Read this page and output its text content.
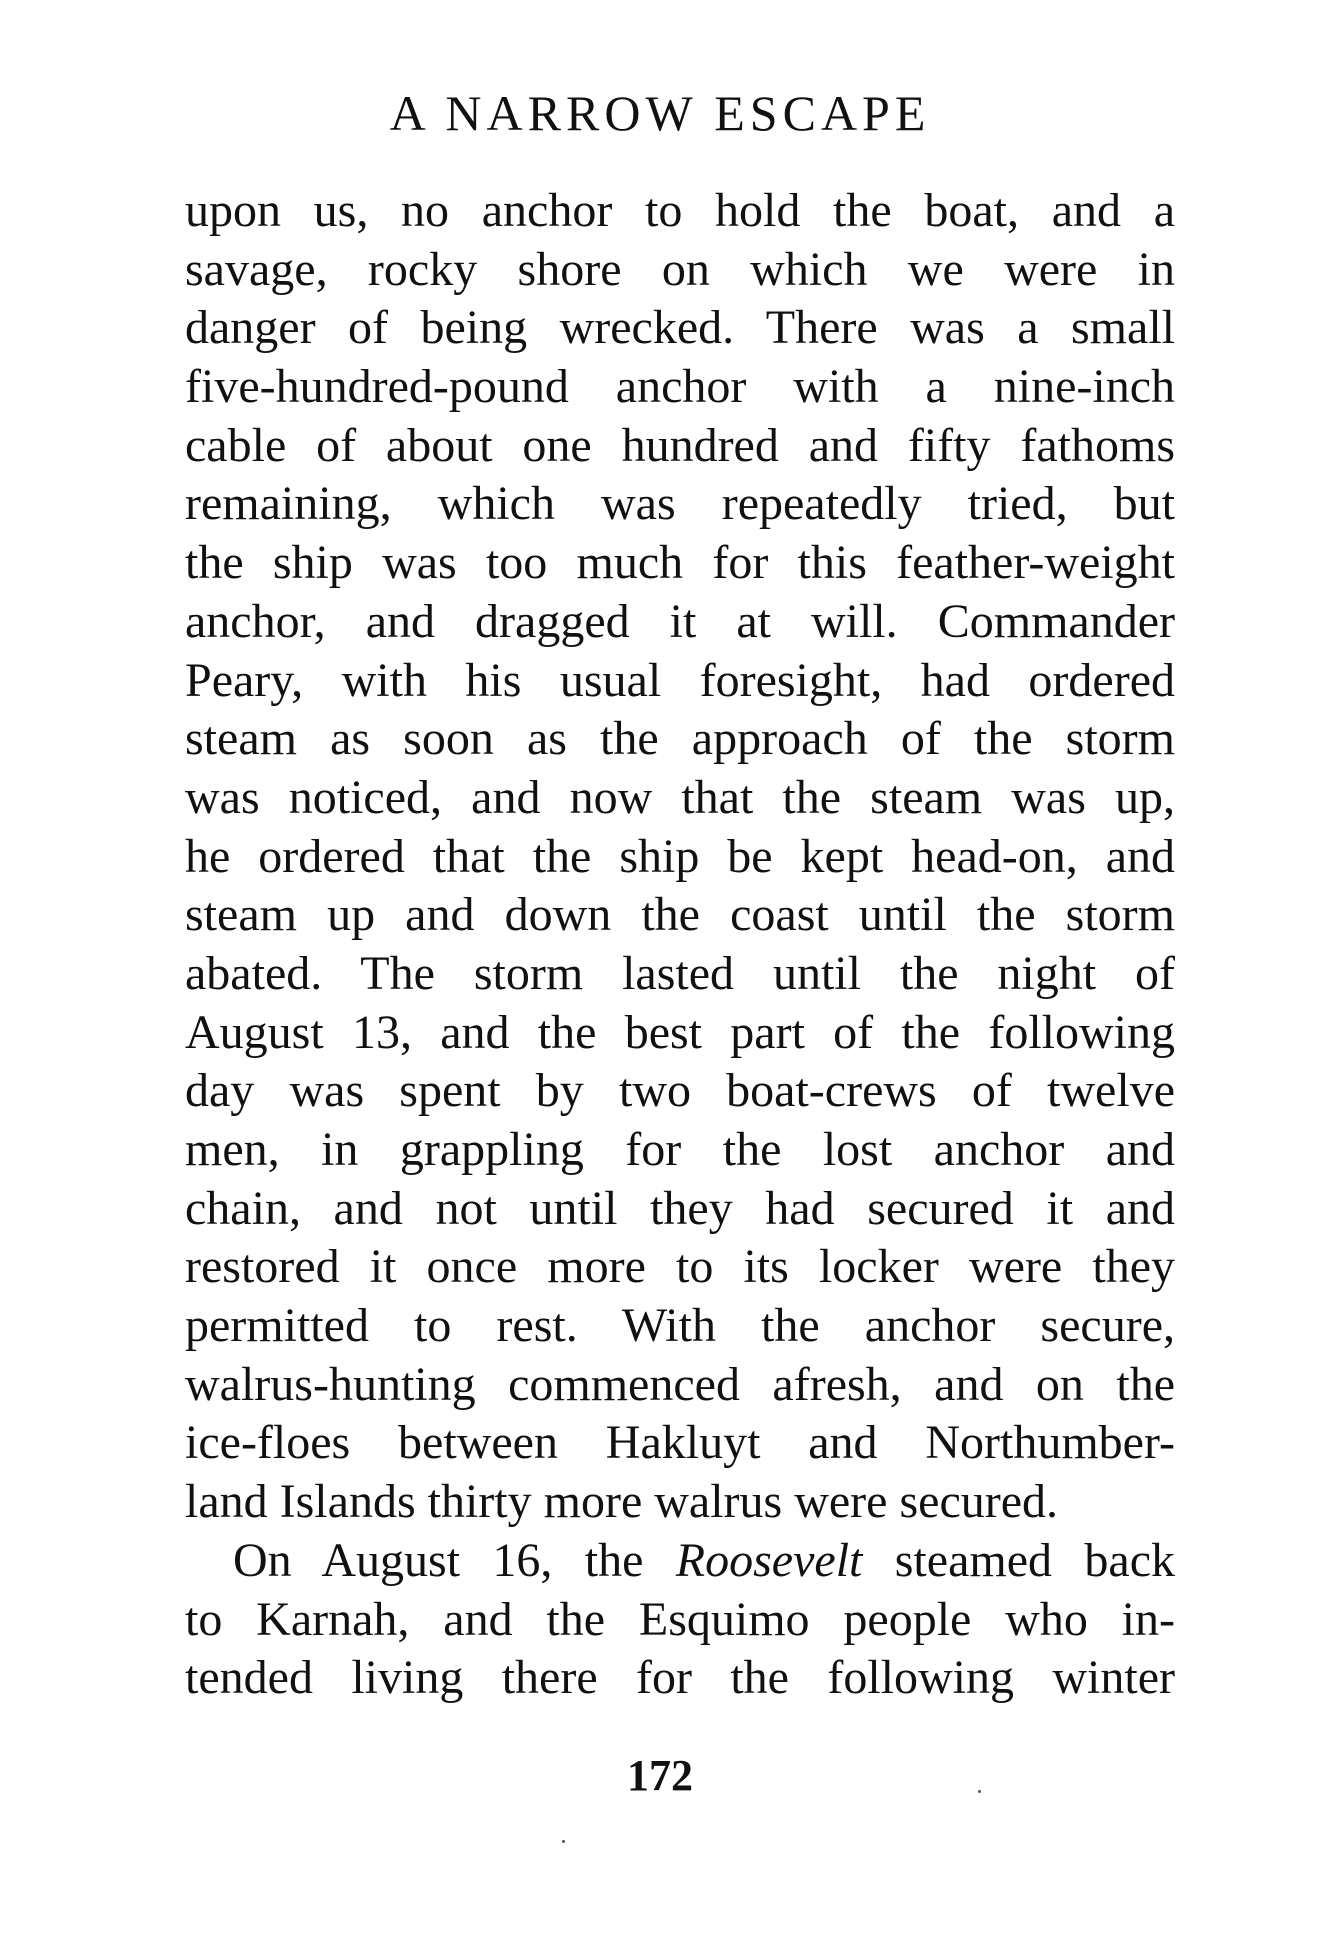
A NARROW ESCAPE
upon us, no anchor to hold the boat, and a
savage, rocky shore on which we were in
danger of being wrecked. There was a small
five-hundred-pound anchor with a nine-inch
cable of about one hundred and fifty fathoms
remaining, which was repeatedly tried, but
the ship was too much for this feather-weight
anchor, and dragged it at will. Commander
Peary, with his usual foresight, had ordered
steam as soon as the approach of the storm
was noticed, and now that the steam was up,
he ordered that the ship be kept head-on, and
steam up and down the coast until the storm
abated. The storm lasted until the night of
August 13, and the best part of the following
day was spent by two boat-crews of twelve
men, in grappling for the lost anchor and
chain, and not until they had secured it and
restored it once more to its locker were they
permitted to rest. With the anchor secure,
walrus-hunting commenced afresh, and on the
ice-floes between Hakluyt and Northumber-
land Islands thirty more walrus were secured.
On August 16, the Roosevelt steamed back
to Karnah, and the Esquimo people who in-
tended living there for the following winter
172
